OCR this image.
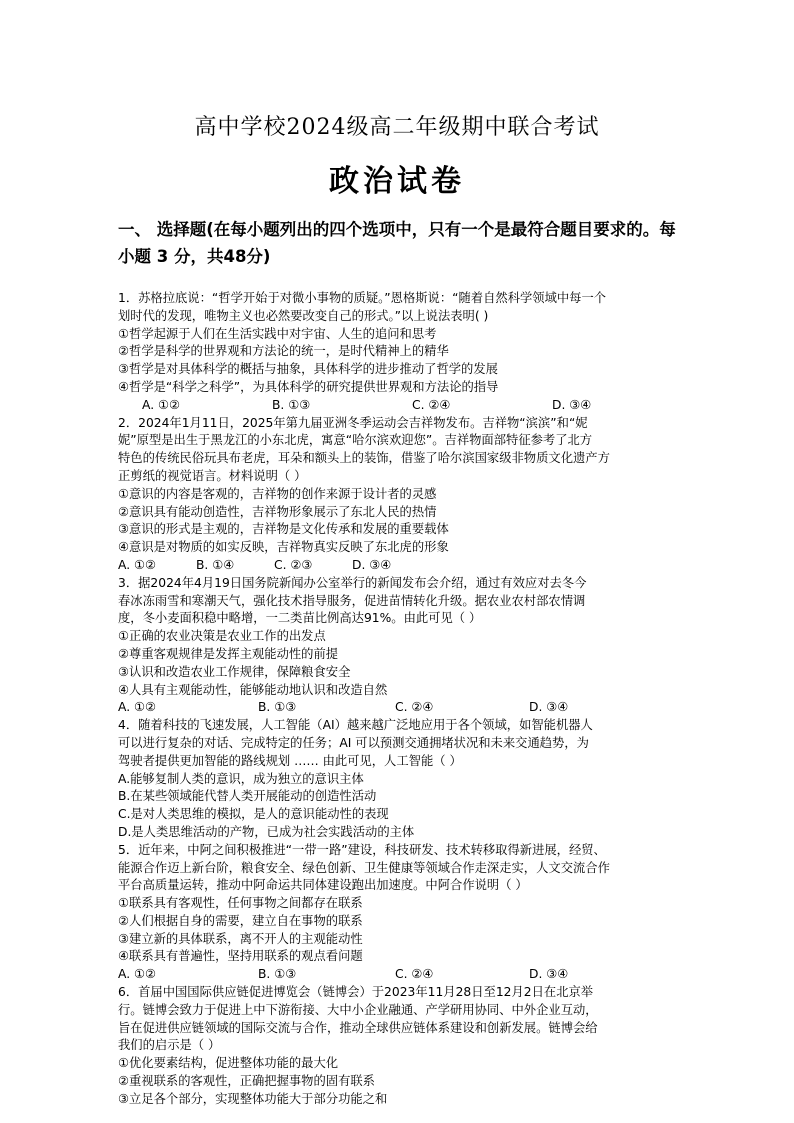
高中学校2024级高二年级期中联合考试
政治试卷
一、 选择题(在每小题列出的四个选项中，只有一个是最符合题目要求的。每
小题 3 分，共48分)
1．苏格拉底说：“哲学开始于对微小事物的质疑。”恩格斯说：“随着自然科学领域中每一个
划时代的发现，唯物主义也必然要改变自己的形式。”以上说法表明( )
①哲学起源于人们在生活实践中对宇宙、人生的追问和思考
②哲学是科学的世界观和方法论的统一，是时代精神上的精华
③哲学是对具体科学的概括与抽象，具体科学的进步推动了哲学的发展
④哲学是“科学之科学”，为具体科学的研究提供世界观和方法论的指导
A. ①②	B. ①③	C. ②④	D. ③④
2．2024年1月11日，2025年第九届亚洲冬季运动会吉祥物发布。吉祥物“滨滨”和“妮
妮”原型是出生于黑龙江的小东北虎，寓意“哈尔滨欢迎您”。吉祥物面部特征参考了北方
特色的传统民俗玩具布老虎，耳朵和额头上的装饰，借鉴了哈尔滨国家级非物质文化遗产方
正剪纸的视觉语言。材料说明（ ）
①意识的内容是客观的，吉祥物的创作来源于设计者的灵感
②意识具有能动创造性，吉祥物形象展示了东北人民的热情
③意识的形式是主观的，吉祥物是文化传承和发展的重要载体
④意识是对物质的如实反映，吉祥物真实反映了东北虎的形象
A. ①②	B. ①④	C. ②③	D. ③④
3．据2024年4月19日国务院新闻办公室举行的新闻发布会介绍，通过有效应对去冬今
春冰冻雨雪和寒潮天气，强化技术指导服务，促进苗情转化升级。据农业农村部农情调
度，冬小麦面积稳中略增，一二类苗比例高达91%。由此可见（ ）
①正确的农业决策是农业工作的出发点
②尊重客观规律是发挥主观能动性的前提
③认识和改造农业工作规律，保障粮食安全
④人具有主观能动性，能够能动地认识和改造自然
A. ①②	B. ①③	C. ②④	D. ③④
4．随着科技的飞速发展，人工智能（AI）越来越广泛地应用于各个领域，如智能机器人
可以进行复杂的对话、完成特定的任务；AI 可以预测交通拥堵状况和未来交通趋势，为
驾驶者提供更加智能的路线规划 …… 由此可见，人工智能（ ）
A.能够复制人类的意识，成为独立的意识主体
B.在某些领域能代替人类开展能动的创造性活动
C.是对人类思维的模拟，是人的意识能动性的表现
D.是人类思维活动的产物，已成为社会实践活动的主体
5．近年来，中阿之间积极推进“一带一路”建设，科技研发、技术转移取得新进展，经贸、
能源合作迈上新台阶，粮食安全、绿色创新、卫生健康等领域合作走深走实，人文交流合作
平台高质量运转，推动中阿命运共同体建设跑出加速度。中阿合作说明（ ）
①联系具有客观性，任何事物之间都存在联系
②人们根据自身的需要，建立自在事物的联系
③建立新的具体联系，离不开人的主观能动性
④联系具有普遍性，坚持用联系的观点看问题
A. ①②	B. ①③	C. ②④	D. ③④
6．首届中国国际供应链促进博览会（链博会）于2023年11月28日至12月2日在北京举
行。链博会致力于促进上中下游衔接、大中小企业融通、产学研用协同、中外企业互动，
旨在促进供应链领域的国际交流与合作，推动全球供应链体系建设和创新发展。链博会给
我们的启示是（ ）
①优化要素结构，促进整体功能的最大化
②重视联系的客观性，正确把握事物的固有联系
③立足各个部分，实现整体功能大于部分功能之和
